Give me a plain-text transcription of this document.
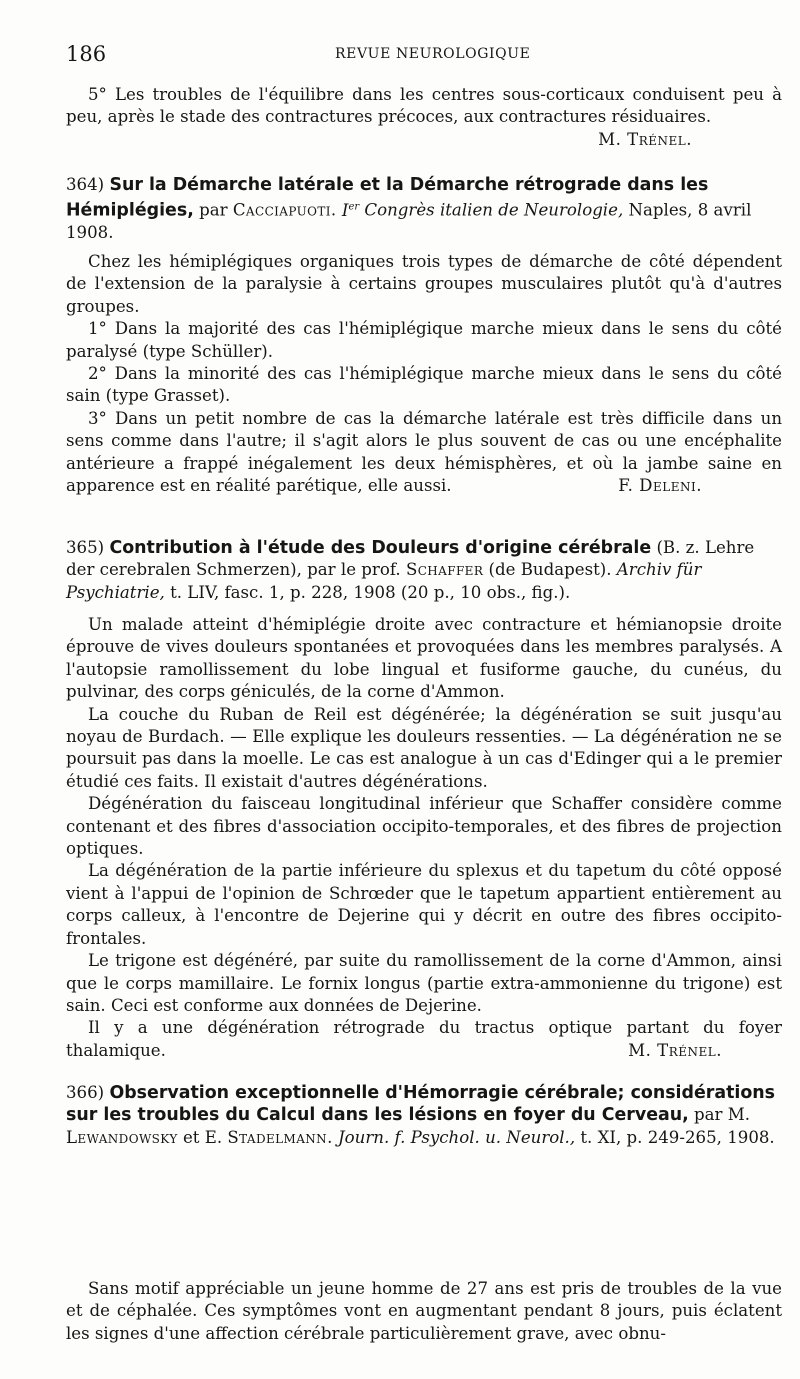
186	REVUE NEUROLOGIQUE

5° Les troubles de l'équilibre dans les centres sous-corticaux conduisent peu à peu, après le stade des contractures précoces, aux contractures résiduaires.

M. Trénel.

364) Sur la Démarche latérale et la Démarche rétrograde dans les Hémiplégies, par Cacciapuoti. Ier Congrès italien de Neurologie, Naples, 8 avril 1908.

Chez les hémiplégiques organiques trois types de démarche de côté dépendent de l'extension de la paralysie à certains groupes musculaires plutôt qu'à d'autres groupes.

1° Dans la majorité des cas l'hémiplégique marche mieux dans le sens du côté paralysé (type Schüller).

2° Dans la minorité des cas l'hémiplégique marche mieux dans le sens du côté sain (type Grasset).

3° Dans un petit nombre de cas la démarche latérale est très difficile dans un sens comme dans l'autre; il s'agit alors le plus souvent de cas ou une encéphalite antérieure a frappé inégalement les deux hémisphères, et où la jambe saine en apparence est en réalité parétique, elle aussi.	F. Deleni.

365) Contribution à l'étude des Douleurs d'origine cérébrale (B. z. Lehre der cerebralen Schmerzen), par le prof. Schaffer (de Budapest). Archiv für Psychiatrie, t. LIV, fasc. 1, p. 228, 1908 (20 p., 10 obs., fig.).

Un malade atteint d'hémiplégie droite avec contracture et hémianopsie droite éprouve de vives douleurs spontanées et provoquées dans les membres paralysés. A l'autopsie ramollissement du lobe lingual et fusiforme gauche, du cunéus, du pulvinar, des corps géniculés, de la corne d'Ammon.

La couche du Ruban de Reil est dégénérée; la dégénération se suit jusqu'au noyau de Burdach. — Elle explique les douleurs ressenties. — La dégénération ne se poursuit pas dans la moelle. Le cas est analogue à un cas d'Edinger qui a le premier étudié ces faits. Il existait d'autres dégénérations.

Dégénération du faisceau longitudinal inférieur que Schaffer considère comme contenant et des fibres d'association occipito-temporales, et des fibres de projection optiques.

La dégénération de la partie inférieure du splexus et du tapetum du côté opposé vient à l'appui de l'opinion de Schrœder que le tapetum appartient entièrement au corps calleux, à l'encontre de Dejerine qui y décrit en outre des fibres occipito-frontales.

Le trigone est dégénéré, par suite du ramollissement de la corne d'Ammon, ainsi que le corps mamillaire. Le fornix longus (partie extra-ammonienne du trigone) est sain. Ceci est conforme aux données de Dejerine.

Il y a une dégénération rétrograde du tractus optique partant du foyer thalamique.	M. Trénel.

366) Observation exceptionnelle d'Hémorragie cérébrale; considérations sur les troubles du Calcul dans les lésions en foyer du Cerveau, par M. Lewandowsky et E. Stadelmann. Journ. f. Psychol. u. Neurol., t. XI, p. 249-265, 1908.

Sans motif appréciable un jeune homme de 27 ans est pris de troubles de la vue et de céphalée. Ces symptômes vont en augmentant pendant 8 jours, puis éclatent les signes d'une affection cérébrale particulièrement grave, avec obnu-
